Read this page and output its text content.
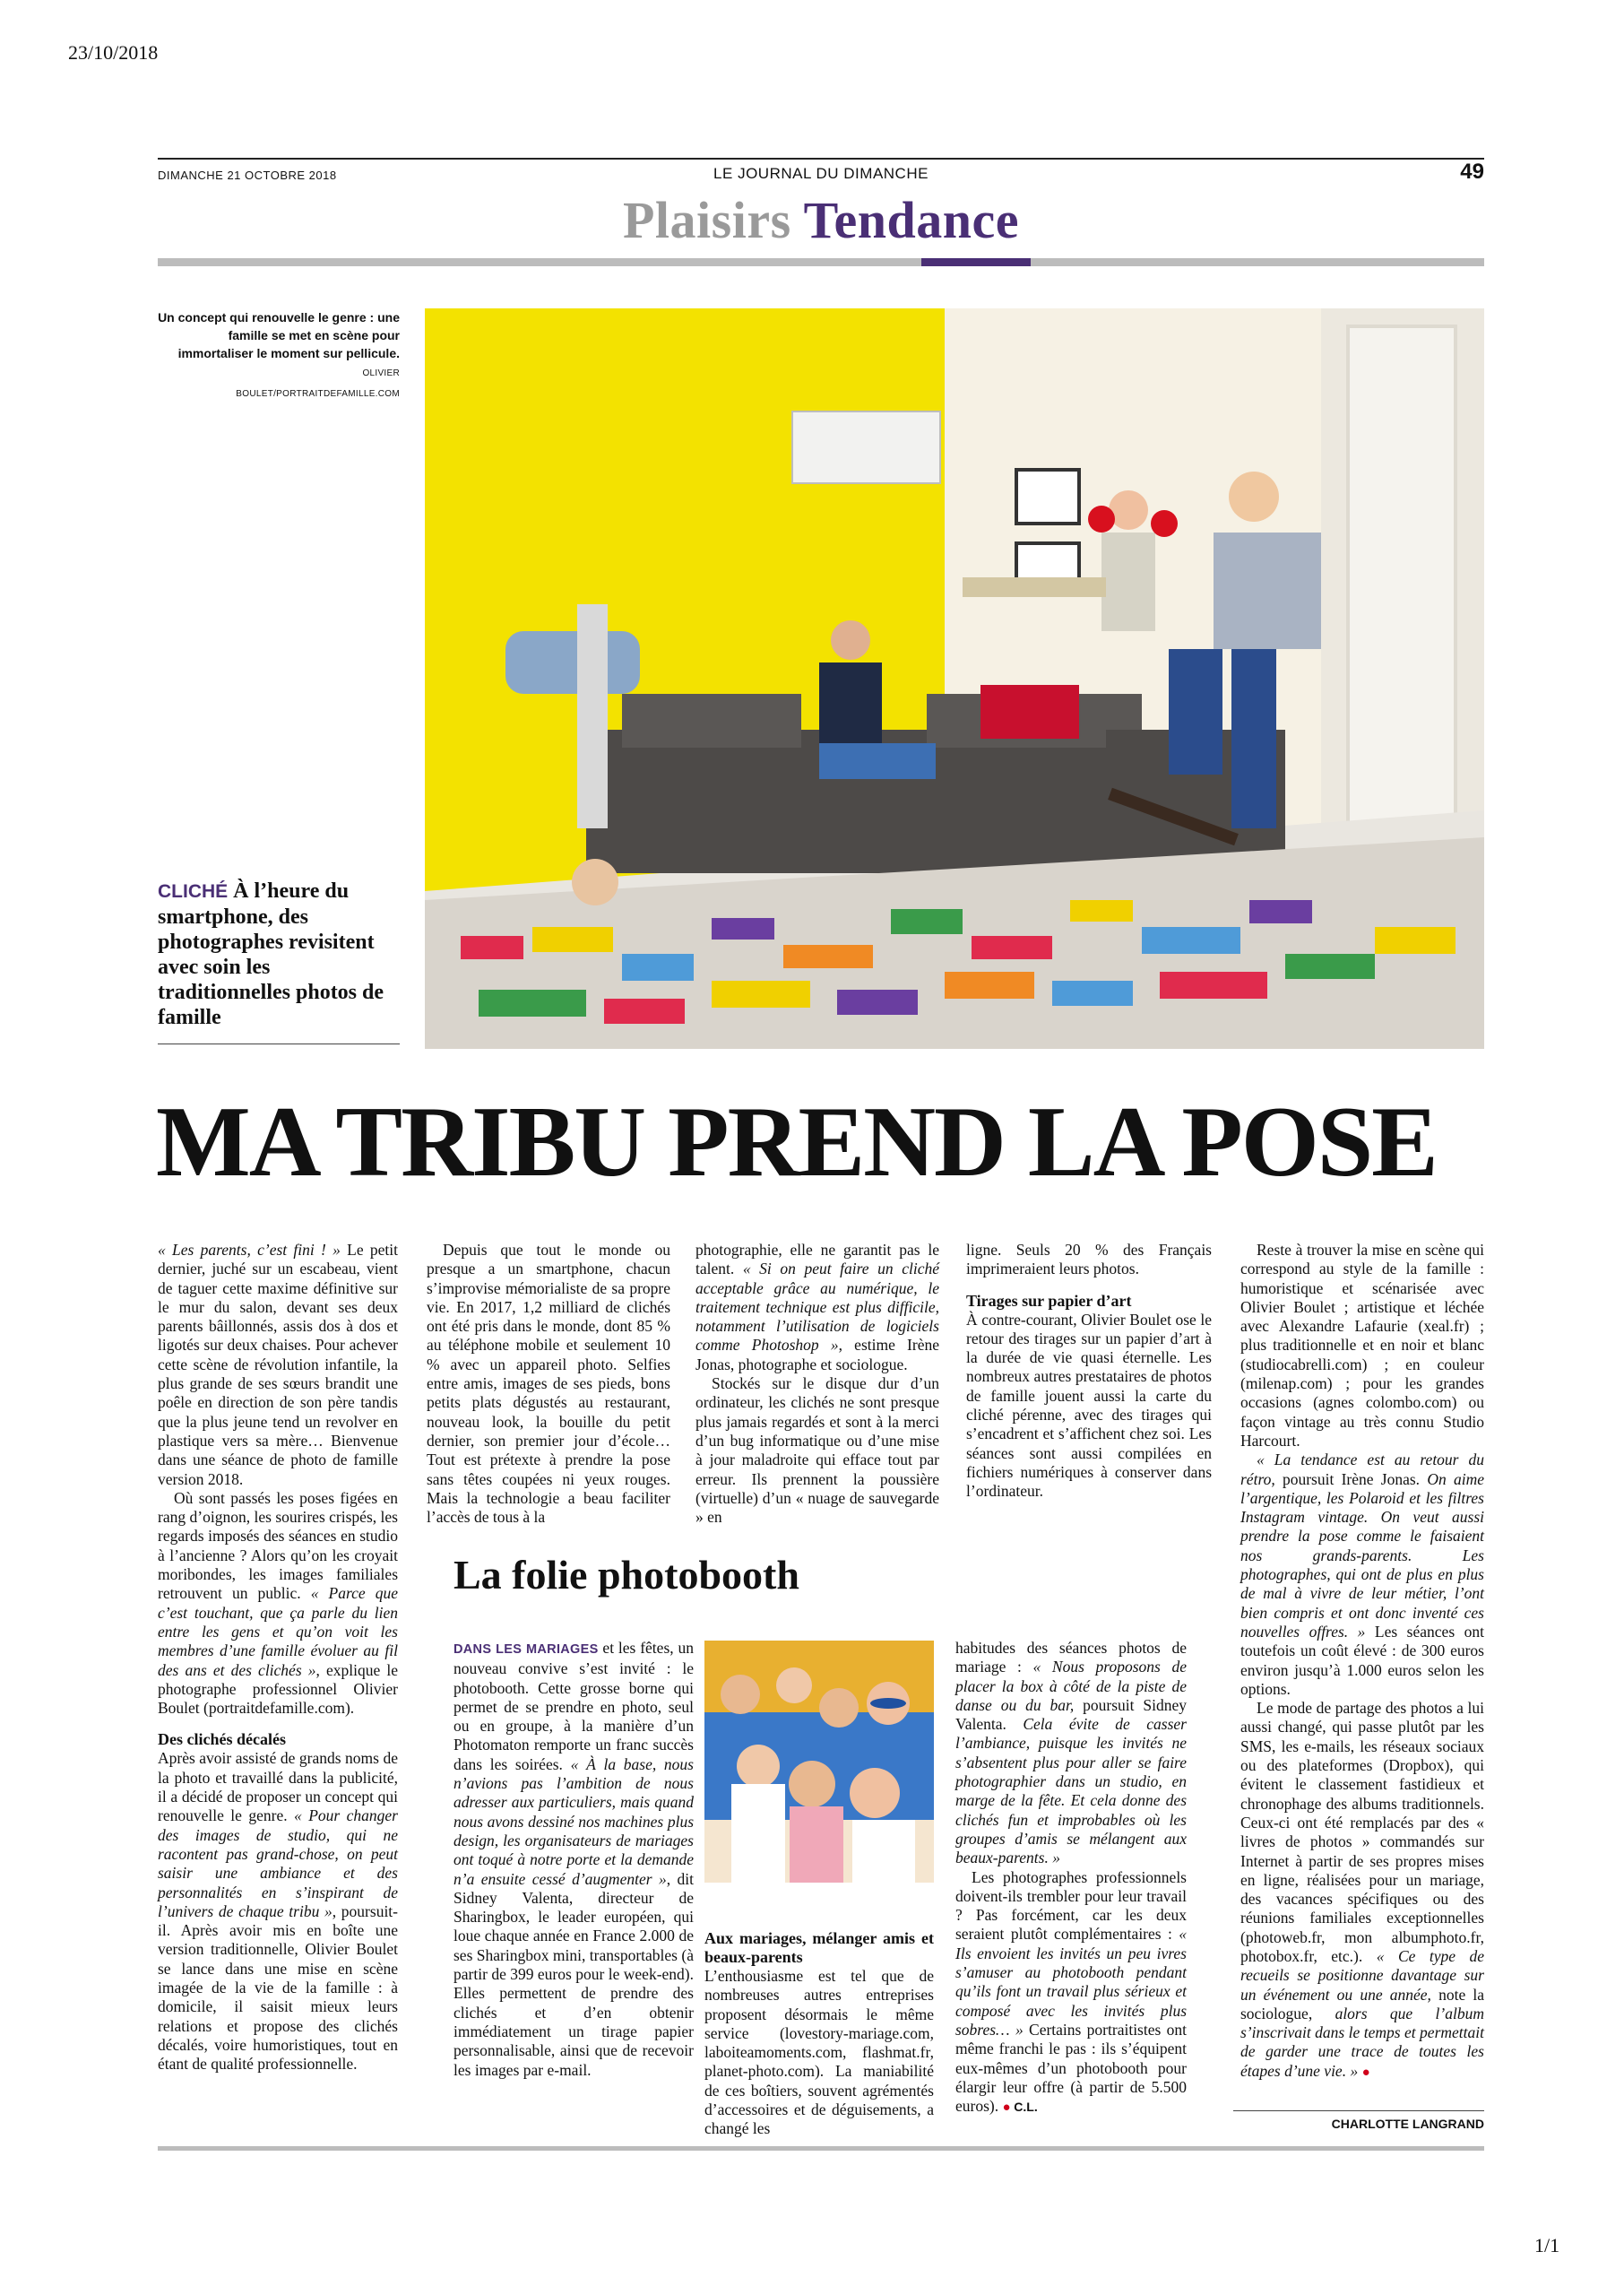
23/10/2018
DIMANCHE 21 OCTOBRE 2018	LE JOURNAL DU DIMANCHE	49
Plaisirs Tendance
Un concept qui renouvelle le genre : une famille se met en scène pour immortaliser le moment sur pellicule. OLIVIER
BOULET/PORTRAITDEFAMILLE.COM
CLICHÉ À l’heure du smartphone, des photographes revisitent avec soin les traditionnelles photos de famille
MA TRIBU PREND LA POSE

« Les parents, c’est fini ! » Le petit dernier, juché sur un escabeau, vient de taguer cette maxime définitive sur le mur du salon, devant ses deux parents bâillonnés, assis dos à dos et ligotés sur deux chaises. Pour achever cette scène de révolution infantile, la plus grande de ses sœurs brandit une poêle en direction de son père tandis que la plus jeune tend un revolver en plastique vers sa mère… Bienvenue dans une séance de photo de famille version 2018.

Où sont passés les poses figées en rang d’oignon, les sourires crispés, les regards imposés des séances en studio à l’ancienne ? Alors qu’on les croyait moribondes, les images familiales retrouvent un public. « Parce que c’est touchant, que ça parle du lien entre les gens et qu’on voit les membres d’une famille évoluer au fil des ans et des clichés », explique le photographe professionnel Olivier Boulet (portraitdefamille.com).

Des clichés décalés

Après avoir assisté de grands noms de la photo et travaillé dans la publicité, il a décidé de proposer un concept qui renouvelle le genre. « Pour changer des images de studio, qui ne racontent pas grand-chose, on peut saisir une ambiance et des personnalités en s’inspirant de l’univers de chaque tribu », poursuit-il. Après avoir mis en boîte une version traditionnelle, Olivier Boulet se lance dans une mise en scène imagée de la vie de la famille : à domicile, il saisit mieux leurs relations et propose des clichés décalés, voire humoristiques, tout en étant de qualité professionnelle.

Depuis que tout le monde ou presque a un smartphone, chacun s’improvise mémorialiste de sa propre vie. En 2017, 1,2 milliard de clichés ont été pris dans le monde, dont 85 % au téléphone mobile et seulement 10 % avec un appareil photo. Selfies entre amis, images de ses pieds, bons petits plats dégustés au restaurant, nouveau look, la bouille du petit dernier, son premier jour d’école… Tout est prétexte à prendre la pose sans têtes coupées ni yeux rouges. Mais la technologie a beau faciliter l’accès de tous à la

photographie, elle ne garantit pas le talent. « Si on peut faire un cliché acceptable grâce au numérique, le traitement technique est plus difficile, notamment l’utilisation de logiciels comme Photoshop », estime Irène Jonas, photographe et sociologue.

Stockés sur le disque dur d’un ordinateur, les clichés ne sont presque plus jamais regardés et sont à la merci d’un bug informatique ou d’une mise à jour maladroite qui efface tout par erreur. Ils prennent la poussière (virtuelle) d’un « nuage de sauvegarde » en

ligne. Seuls 20 % des Français imprimeraient leurs photos.

Tirages sur papier d’art

À contre-courant, Olivier Boulet ose le retour des tirages sur un papier d’art à la durée de vie quasi éternelle. Les nombreux autres prestataires de photos de famille jouent aussi la carte du cliché pérenne, avec des tirages qui s’encadrent et s’affichent chez soi. Les séances sont aussi compilées en fichiers numériques à conserver dans l’ordinateur.

Reste à trouver la mise en scène qui correspond au style de la famille : humoristique et scénarisée avec Olivier Boulet ; artistique et léchée avec Alexandre Lafaurie (xeal.fr) ; plus traditionnelle et en noir et blanc (studiocabrelli.com) ; en couleur (milenap.com) ; pour les grandes occasions (agnes colombo.com) ou façon vintage au très connu Studio Harcourt.

« La tendance est au retour du rétro, poursuit Irène Jonas. On aime l’argentique, les Polaroid et les filtres Instagram vintage. On veut aussi prendre la pose comme le faisaient nos grands-parents. Les photographes, qui ont de plus en plus de mal à vivre de leur métier, l’ont bien compris et ont donc inventé ces nouvelles offres. » Les séances ont toutefois un coût élevé : de 300 euros environ jusqu’à 1.000 euros selon les options.

Le mode de partage des photos a lui aussi changé, qui passe plutôt par les SMS, les e-mails, les réseaux sociaux ou des plateformes (Dropbox), qui évitent le classement fastidieux et chronophage des albums traditionnels. Ceux-ci ont été remplacés par des « livres de photos » commandés sur Internet à partir de ses propres mises en ligne, réalisées pour un mariage, des vacances spécifiques ou des réunions familiales exceptionnelles (photoweb.fr, mon albumphoto.fr, photobox.fr, etc.). « Ce type de recueils se positionne davantage sur un événement ou une année, note la sociologue, alors que l’album s’inscrivait dans le temps et permettait de garder une trace de toutes les étapes d’une vie. » ●

CHARLOTTE LANGRAND
La folie photobooth

DANS LES MARIAGES et les fêtes, un nouveau convive s’est invité : le photobooth. Cette grosse borne qui permet de se prendre en photo, seul ou en groupe, à la manière d’un Photomaton remporte un franc succès dans les soirées. « À la base, nous n’avions pas l’ambition de nous adresser aux particuliers, mais quand nous avons dessiné nos machines plus design, les organisateurs de mariages ont toqué à notre porte et la demande n’a ensuite cessé d’augmenter », dit Sidney Valenta, directeur de Sharingbox, le leader européen, qui loue chaque année en France 2.000 de ses Sharingbox mini, transportables (à partir de 399 euros pour le week-end). Elles permettent de prendre des clichés et d’en obtenir immédiatement un tirage papier personnalisable, ainsi que de recevoir les images par e-mail.

Aux mariages, mélanger amis et beaux-parents

L’enthousiasme est tel que de nombreuses autres entreprises proposent désormais le même service (lovestory-mariage.com, laboiteamoments.com, flashmat.fr, planet-photo.com). La maniabilité de ces boîtiers, souvent agrémentés d’accessoires et de déguisements, a changé les

habitudes des séances photos de mariage : « Nous proposons de placer la box à côté de la piste de danse ou du bar, poursuit Sidney Valenta. Cela évite de casser l’ambiance, puisque les invités ne s’absentent plus pour aller se faire photographier dans un studio, en marge de la fête. Et cela donne des clichés fun et improbables où les groupes d’amis se mélangent aux beaux-parents. »

Les photographes professionnels doivent-ils trembler pour leur travail ? Pas forcément, car les deux seraient plutôt complémentaires : « Ils envoient les invités un peu ivres s’amuser au photobooth pendant qu’ils font un travail plus sérieux et composé avec les invités plus sobres… » Certains portraitistes ont même franchi le pas : ils s’équipent eux-mêmes d’un photobooth pour élargir leur offre (à partir de 5.500 euros). ● C.L.

1/1
